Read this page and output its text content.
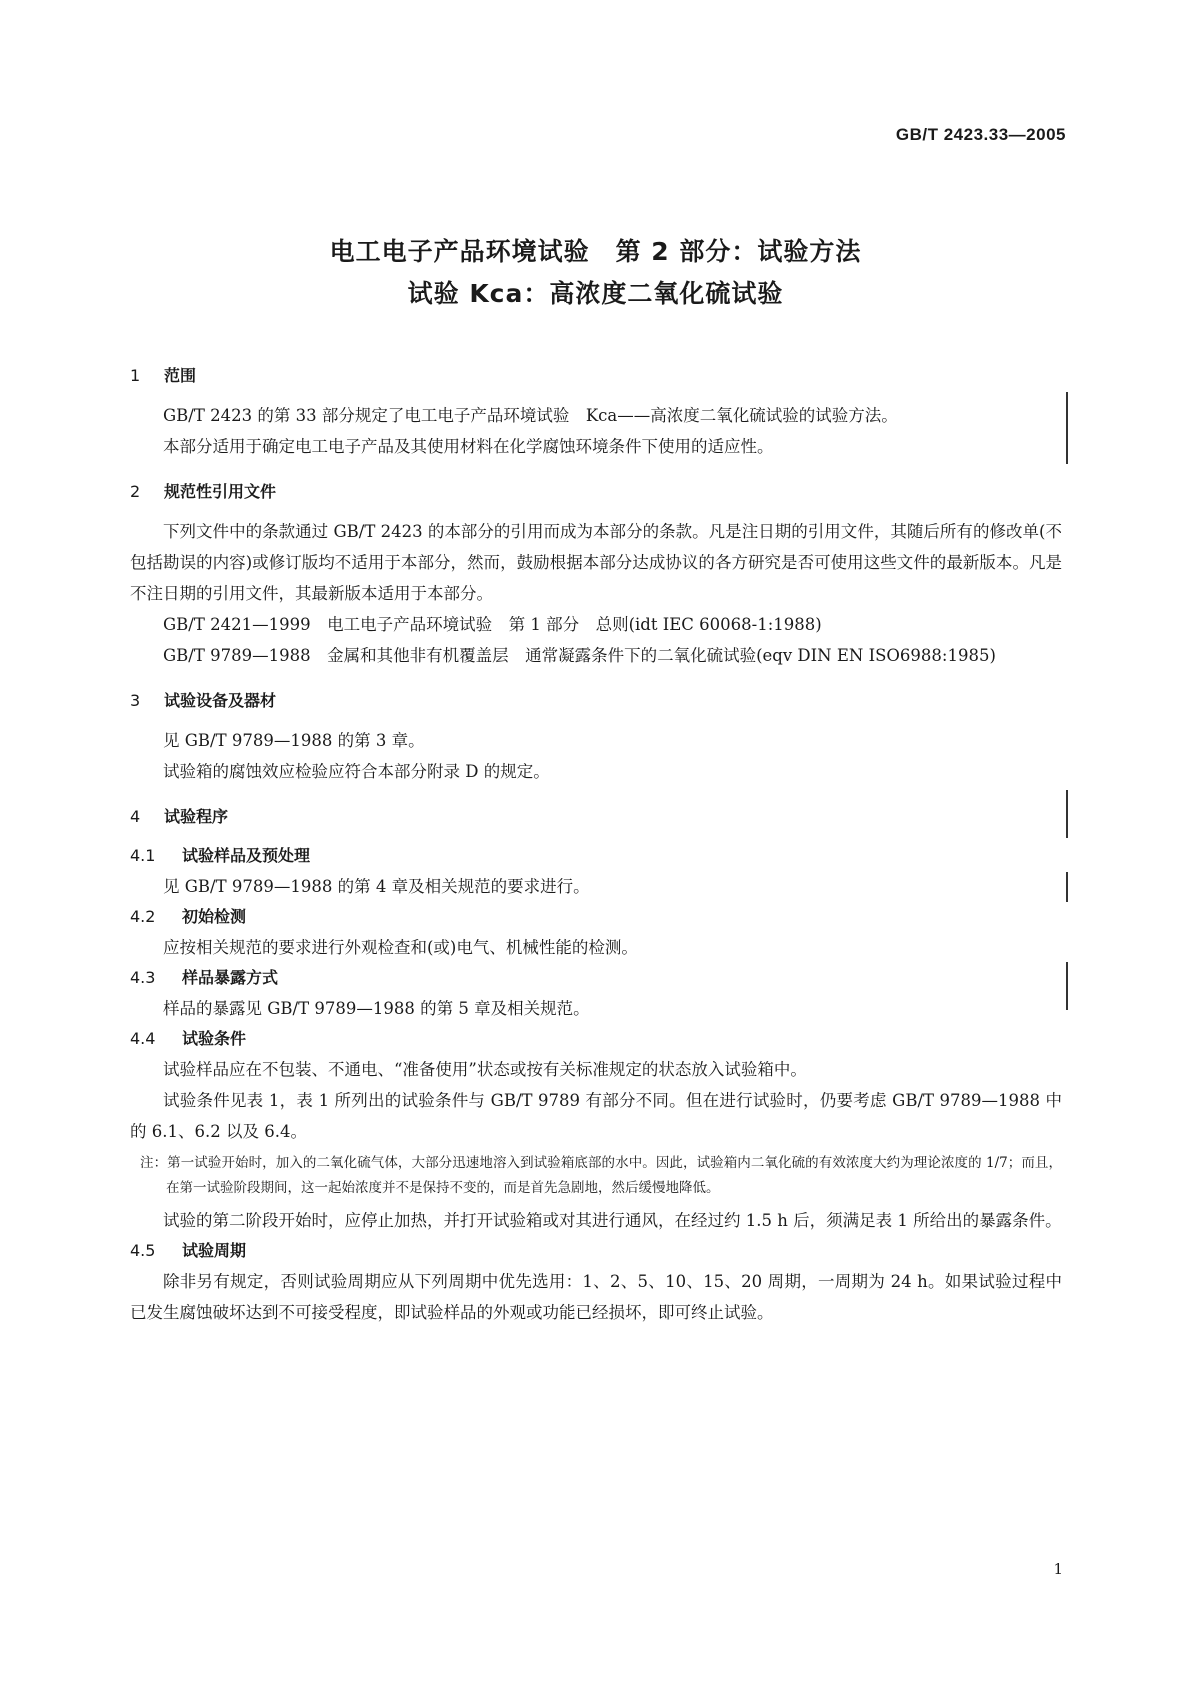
GB/T 2423.33—2005
电工电子产品环境试验　第 2 部分：试验方法
试验 Kca：高浓度二氧化硫试验
1 范围

GB/T 2423 的第 33 部分规定了电工电子产品环境试验　Kca——高浓度二氧化硫试验的试验方法。

本部分适用于确定电工电子产品及其使用材料在化学腐蚀环境条件下使用的适应性。

2 规范性引用文件

下列文件中的条款通过 GB/T 2423 的本部分的引用而成为本部分的条款。凡是注日期的引用文件，其随后所有的修改单(不包括勘误的内容)或修订版均不适用于本部分，然而，鼓励根据本部分达成协议的各方研究是否可使用这些文件的最新版本。凡是不注日期的引用文件，其最新版本适用于本部分。

GB/T 2421—1999　电工电子产品环境试验　第 1 部分　总则(idt IEC 60068-1:1988)

GB/T 9789—1988　金属和其他非有机覆盖层　通常凝露条件下的二氧化硫试验(eqv DIN EN ISO6988:1985)

3 试验设备及器材

见 GB/T 9789—1988 的第 3 章。

试验箱的腐蚀效应检验应符合本部分附录 D 的规定。

4 试验程序
4.1 试验样品及预处理

见 GB/T 9789—1988 的第 4 章及相关规范的要求进行。

4.2 初始检测

应按相关规范的要求进行外观检查和(或)电气、机械性能的检测。

4.3 样品暴露方式

样品的暴露见 GB/T 9789—1988 的第 5 章及相关规范。

4.4 试验条件

试验样品应在不包装、不通电、“准备使用”状态或按有关标准规定的状态放入试验箱中。

试验条件见表 1，表 1 所列出的试验条件与 GB/T 9789 有部分不同。但在进行试验时，仍要考虑 GB/T 9789—1988 中的 6.1、6.2 以及 6.4。

注：第一试验开始时，加入的二氧化硫气体，大部分迅速地溶入到试验箱底部的水中。因此，试验箱内二氧化硫的有效浓度大约为理论浓度的 1/7；而且，在第一试验阶段期间，这一起始浓度并不是保持不变的，而是首先急剧地，然后缓慢地降低。

试验的第二阶段开始时，应停止加热，并打开试验箱或对其进行通风，在经过约 1.5 h 后，须满足表 1 所给出的暴露条件。

4.5 试验周期

除非另有规定，否则试验周期应从下列周期中优先选用：1、2、5、10、15、20 周期，一周期为 24 h。如果试验过程中已发生腐蚀破坏达到不可接受程度，即试验样品的外观或功能已经损坏，即可终止试验。

1
